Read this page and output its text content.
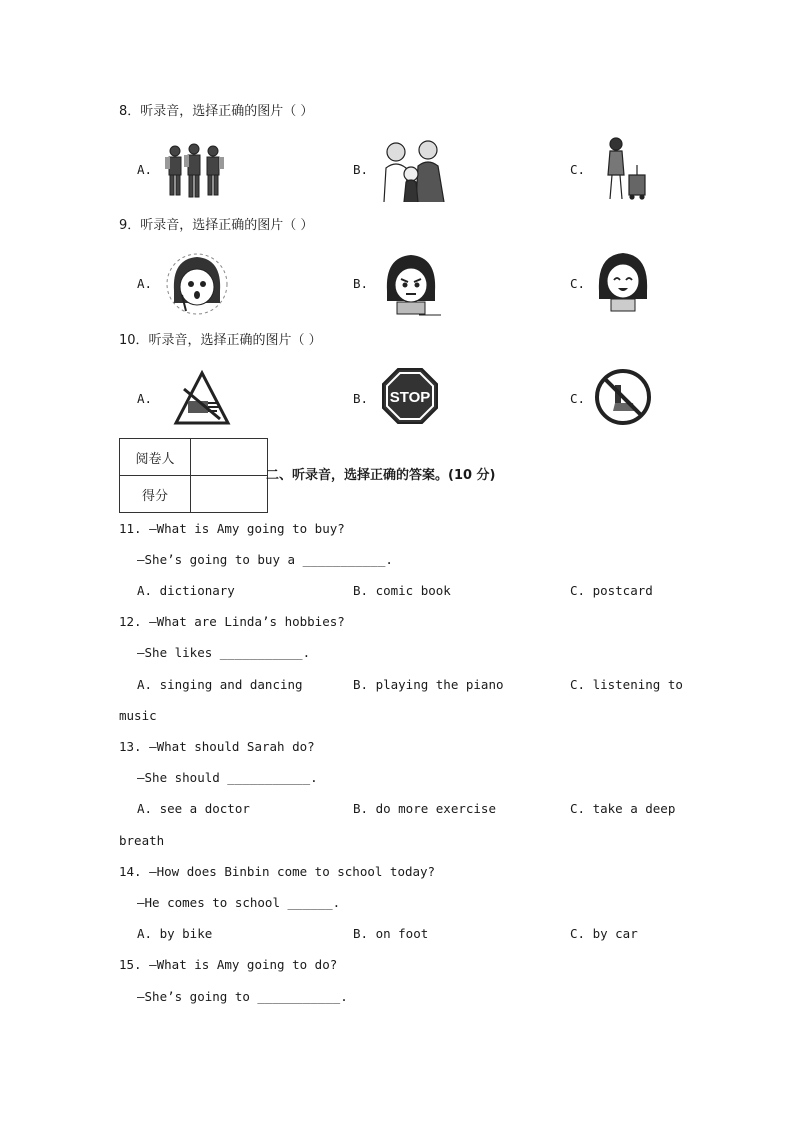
8．听录音，选择正确的图片（ ）
A.	B.	C.
9．听录音，选择正确的图片（ ）
A.	B.	C.
10．听录音，选择正确的图片（ ）
A.	B. STOP	C.
阅卷人	
得分	
二、听录音，选择正确的答案。(10 分)
11. —What is Amy going to buy?
—She’s going to buy a ___________.
A. dictionary	B. comic book	C. postcard
12. —What are Linda’s hobbies?
—She likes ___________.
A. singing and dancing	B. playing the piano	C. listening to
music
13. —What should Sarah do?
—She should ___________.
A. see a doctor	B. do more exercise	C. take a deep
breath
14. —How does Binbin come to school today?
—He comes to school ______.
A. by bike	B. on foot	C. by car
15. —What is Amy going to do?
—She’s going to ___________.
